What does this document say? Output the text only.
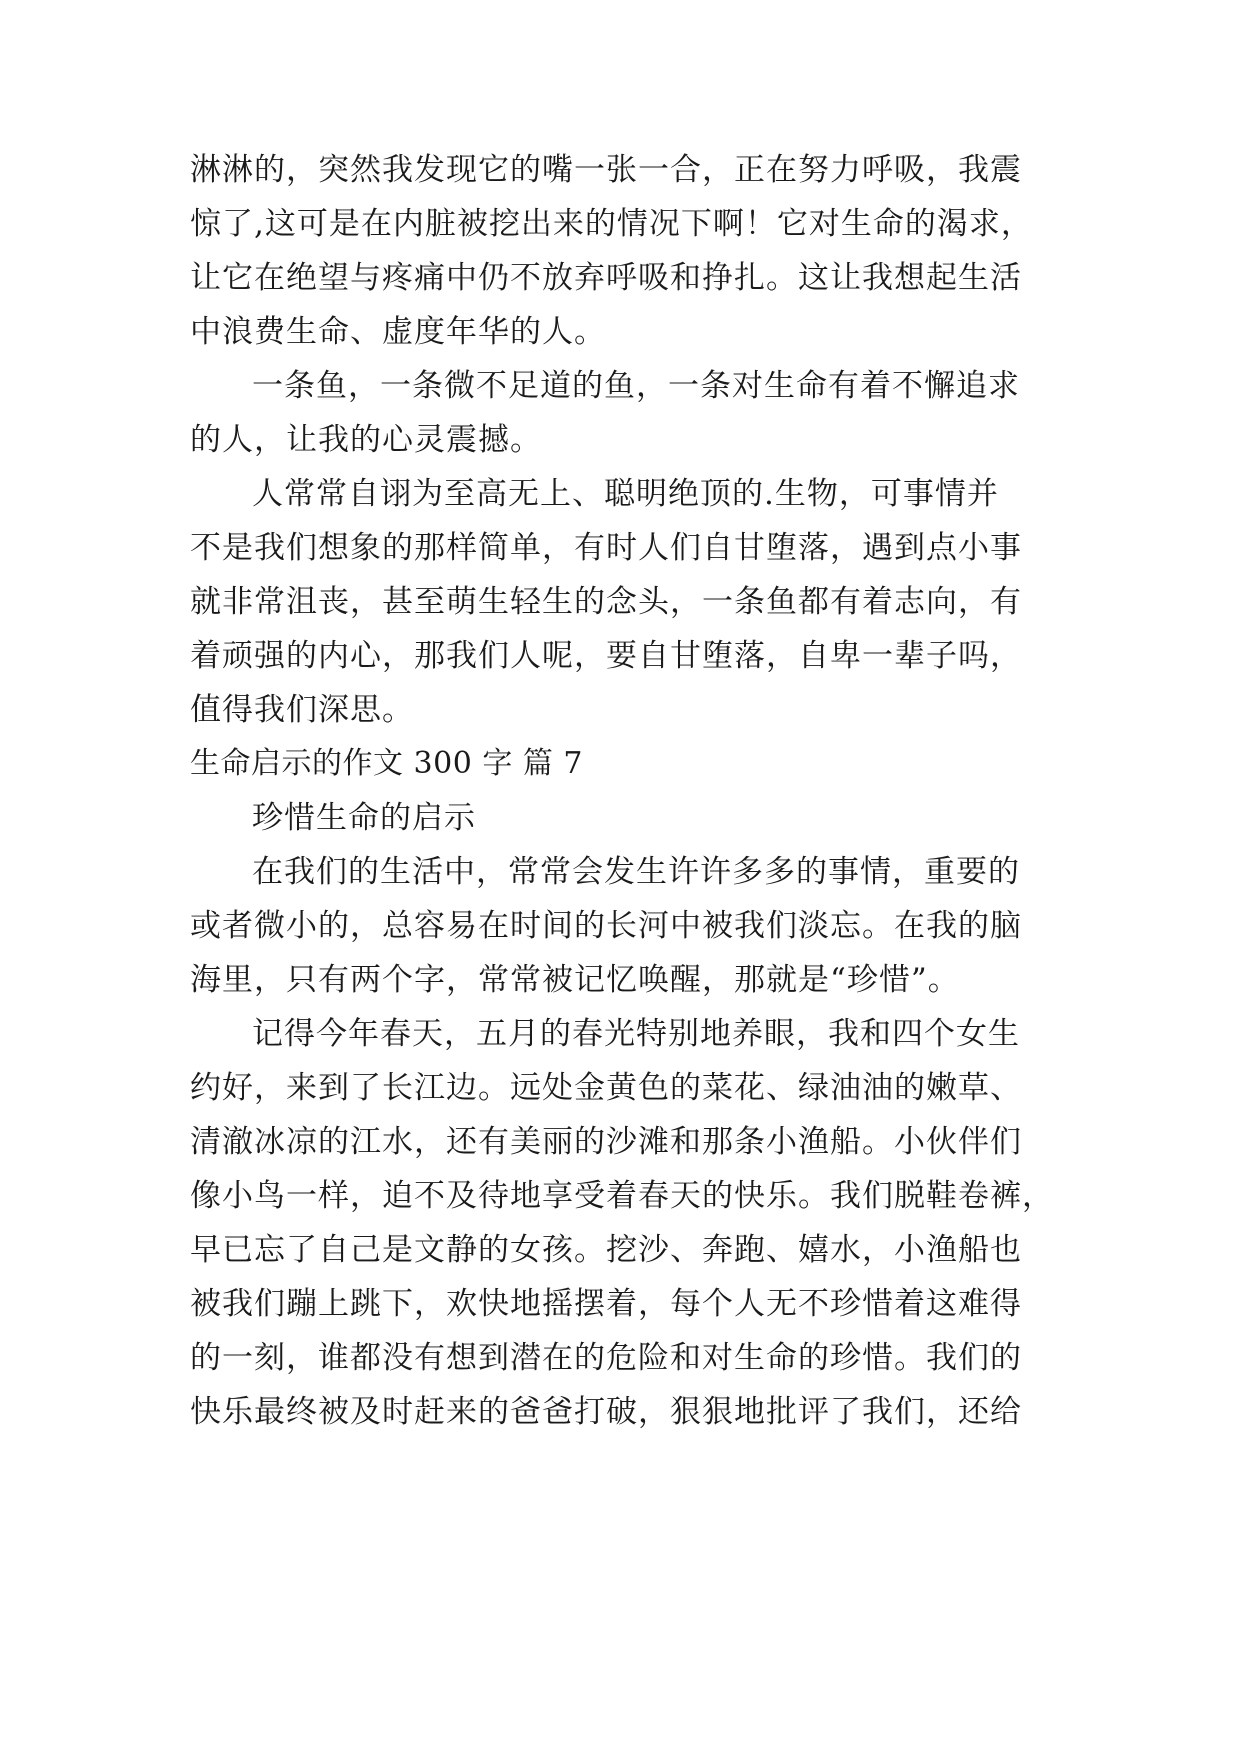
淋淋的，突然我发现它的嘴一张一合，正在努力呼吸，我震
惊了,这可是在内脏被挖出来的情况下啊！它对生命的渴求，
让它在绝望与疼痛中仍不放弃呼吸和挣扎。这让我想起生活
中浪费生命、虚度年华的人。
一条鱼，一条微不足道的鱼，一条对生命有着不懈追求
的人，让我的心灵震撼。
人常常自诩为至高无上、聪明绝顶的.生物，可事情并
不是我们想象的那样简单，有时人们自甘堕落，遇到点小事
就非常沮丧，甚至萌生轻生的念头，一条鱼都有着志向，有
着顽强的内心，那我们人呢，要自甘堕落，自卑一辈子吗，
值得我们深思。
生命启示的作文 300 字 篇 7
珍惜生命的启示
在我们的生活中，常常会发生许许多多的事情，重要的
或者微小的，总容易在时间的长河中被我们淡忘。在我的脑
海里，只有两个字，常常被记忆唤醒，那就是“珍惜”。
记得今年春天，五月的春光特别地养眼，我和四个女生
约好，来到了长江边。远处金黄色的菜花、绿油油的嫩草、
清澈冰凉的江水，还有美丽的沙滩和那条小渔船。小伙伴们
像小鸟一样，迫不及待地享受着春天的快乐。我们脱鞋卷裤，
早已忘了自己是文静的女孩。挖沙、奔跑、嬉水，小渔船也
被我们蹦上跳下，欢快地摇摆着，每个人无不珍惜着这难得
的一刻，谁都没有想到潜在的危险和对生命的珍惜。我们的
快乐最终被及时赶来的爸爸打破，狠狠地批评了我们，还给
